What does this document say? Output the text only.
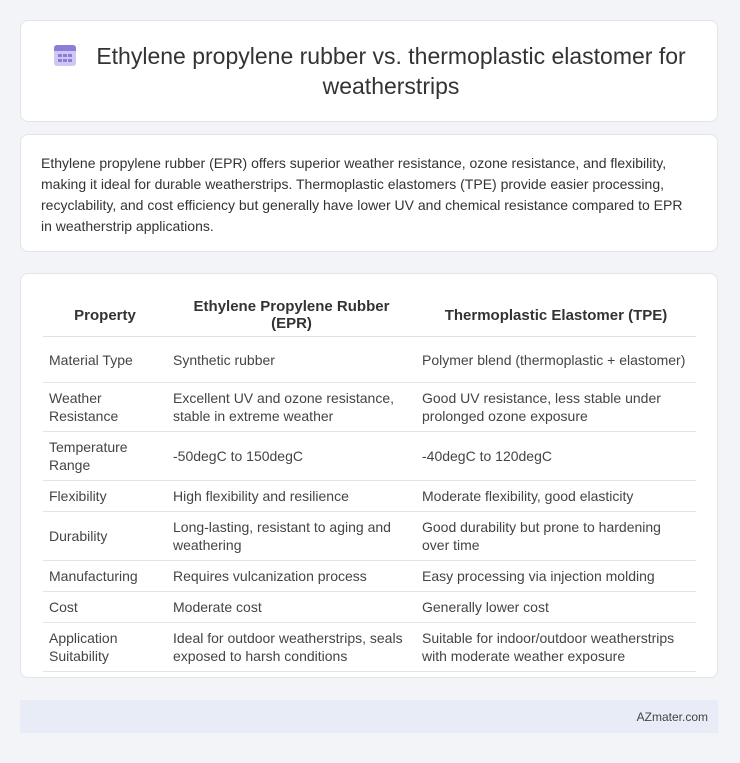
Ethylene propylene rubber vs. thermoplastic elastomer for weatherstrips

Ethylene propylene rubber (EPR) offers superior weather resistance, ozone resistance, and flexibility, making it ideal for durable weatherstrips. Thermoplastic elastomers (TPE) provide easier processing, recyclability, and cost efficiency but generally have lower UV and chemical resistance compared to EPR in weatherstrip applications.

Property	Ethylene Propylene Rubber (EPR)	Thermoplastic Elastomer (TPE)
Material Type	Synthetic rubber	Polymer blend (thermoplastic + elastomer)
Weather Resistance	Excellent UV and ozone resistance, stable in extreme weather	Good UV resistance, less stable under prolonged ozone exposure
Temperature Range	-50degC to 150degC	-40degC to 120degC
Flexibility	High flexibility and resilience	Moderate flexibility, good elasticity
Durability	Long-lasting, resistant to aging and weathering	Good durability but prone to hardening over time
Manufacturing	Requires vulcanization process	Easy processing via injection molding
Cost	Moderate cost	Generally lower cost
Application Suitability	Ideal for outdoor weatherstrips, seals exposed to harsh conditions	Suitable for indoor/outdoor weatherstrips with moderate weather exposure
AZmater.com
